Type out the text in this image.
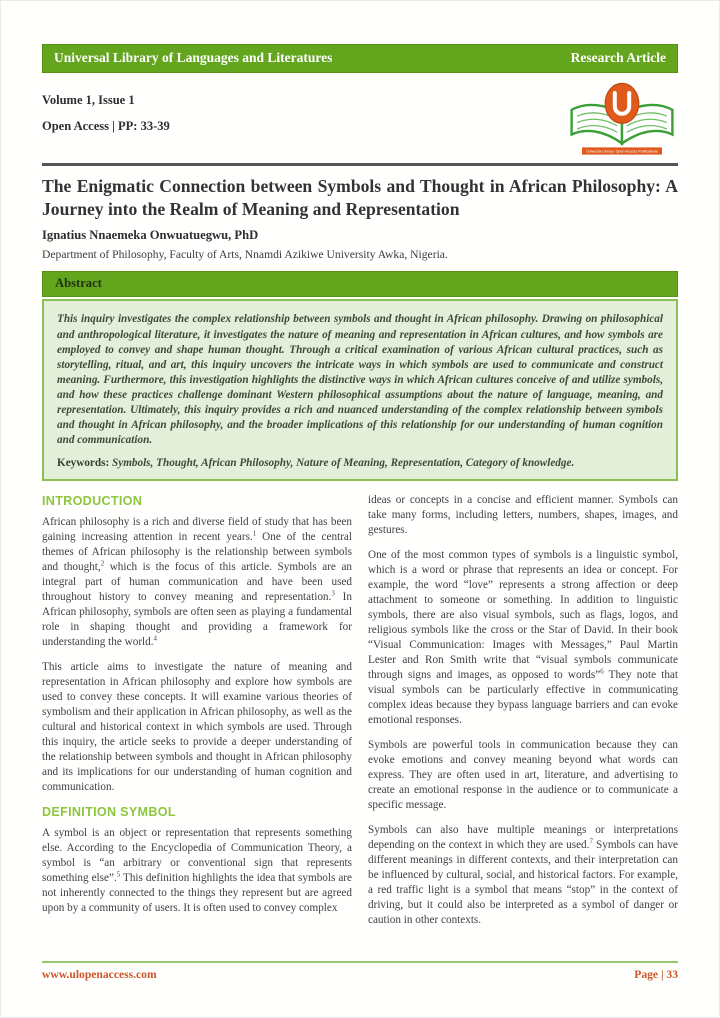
Universal Library of Languages and Literatures	Research Article
Volume 1, Issue 1
Open Access | PP: 33-39
Universal Library: Open Access Publications
The Enigmatic Connection between Symbols and Thought in African Philosophy: A Journey into the Realm of Meaning and Representation
Ignatius Nnaemeka Onwuatuegwu, PhD
Department of Philosophy, Faculty of Arts, Nnamdi Azikiwe University Awka, Nigeria.
Abstract
This inquiry investigates the complex relationship between symbols and thought in African philosophy. Drawing on philosophical and anthropological literature, it investigates the nature of meaning and representation in African cultures, and how symbols are employed to convey and shape human thought. Through a critical examination of various African cultural practices, such as storytelling, ritual, and art, this inquiry uncovers the intricate ways in which symbols are used to communicate and construct meaning. Furthermore, this investigation highlights the distinctive ways in which African cultures conceive of and utilize symbols, and how these practices challenge dominant Western philosophical assumptions about the nature of language, meaning, and representation. Ultimately, this inquiry provides a rich and nuanced understanding of the complex relationship between symbols and thought in African philosophy, and the broader implications of this relationship for our understanding of human cognition and communication.
Keywords: Symbols, Thought, African Philosophy, Nature of Meaning, Representation, Category of knowledge.
INTRODUCTION

African philosophy is a rich and diverse field of study that has been gaining increasing attention in recent years.$^1$ One of the central themes of African philosophy is the relationship between symbols and thought,$^2$ which is the focus of this article. Symbols are an integral part of human communication and have been used throughout history to convey meaning and representation.$^3$ In African philosophy, symbols are often seen as playing a fundamental role in shaping thought and providing a framework for understanding the world.$^4$

This article aims to investigate the nature of meaning and representation in African philosophy and explore how symbols are used to convey these concepts. It will examine various theories of symbolism and their application in African philosophy, as well as the cultural and historical context in which symbols are used. Through this inquiry, the article seeks to provide a deeper understanding of the relationship between symbols and thought in African philosophy and its implications for our understanding of human cognition and communication.

DEFINITION SYMBOL

A symbol is an object or representation that represents something else. According to the Encyclopedia of Communication Theory, a symbol is “an arbitrary or conventional sign that represents something else”.$^5$ This definition highlights the idea that symbols are not inherently connected to the things they represent but are agreed upon by a community of users. It is often used to convey complex

ideas or concepts in a concise and efficient manner. Symbols can take many forms, including letters, numbers, shapes, images, and gestures.

One of the most common types of symbols is a linguistic symbol, which is a word or phrase that represents an idea or concept. For example, the word “love” represents a strong affection or deep attachment to someone or something. In addition to linguistic symbols, there are also visual symbols, such as flags, logos, and religious symbols like the cross or the Star of David. In their book “Visual Communication: Images with Messages,” Paul Martin Lester and Ron Smith write that “visual symbols communicate through signs and images, as opposed to words”$^6$ They note that visual symbols can be particularly effective in communicating complex ideas because they bypass language barriers and can evoke emotional responses.

Symbols are powerful tools in communication because they can evoke emotions and convey meaning beyond what words can express. They are often used in art, literature, and advertising to create an emotional response in the audience or to communicate a specific message.

Symbols can also have multiple meanings or interpretations depending on the context in which they are used.$^7$ Symbols can have different meanings in different contexts, and their interpretation can be influenced by cultural, social, and historical factors. For example, a red traffic light is a symbol that means “stop” in the context of driving, but it could also be interpreted as a symbol of danger or caution in other contexts.

www.ulopenaccess.com	Page | 33
